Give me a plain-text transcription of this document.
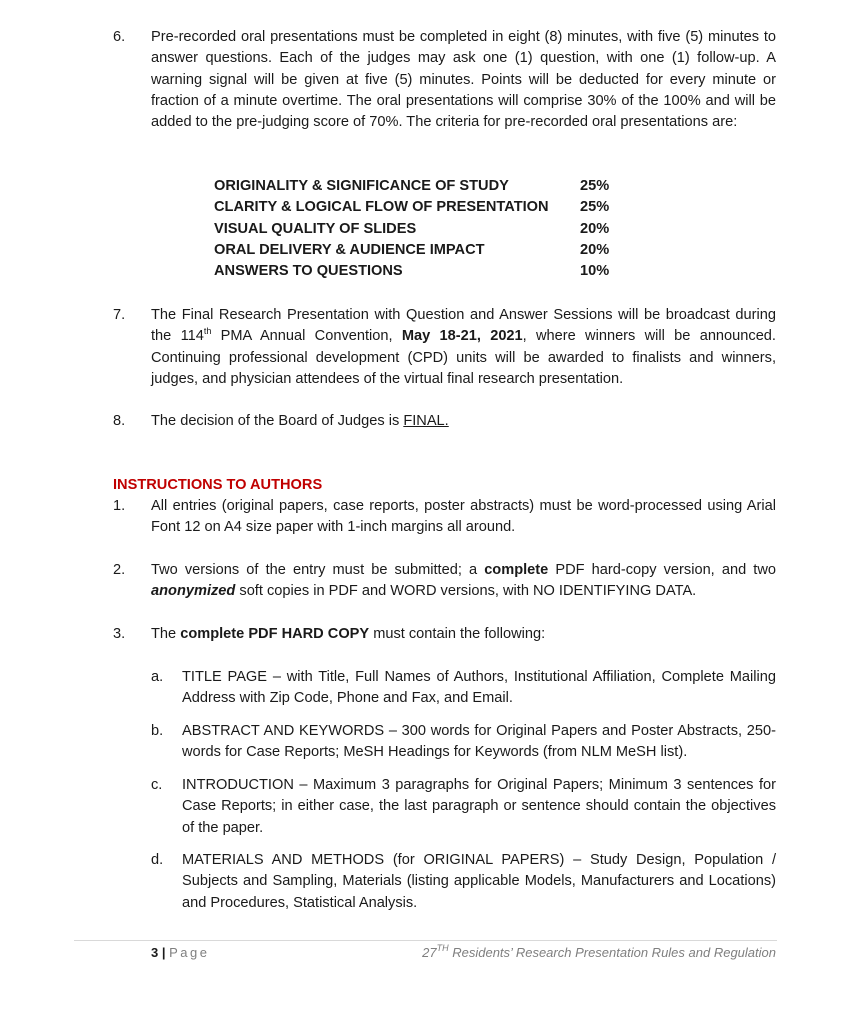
6. Pre-recorded oral presentations must be completed in eight (8) minutes, with five (5) minutes to answer questions. Each of the judges may ask one (1) question, with one (1) follow-up. A warning signal will be given at five (5) minutes. Points will be deducted for every minute or fraction of a minute overtime. The oral presentations will comprise 30% of the 100% and will be added to the pre-judging score of 70%. The criteria for pre-recorded oral presentations are:
ORIGINALITY & SIGNIFICANCE OF STUDY	25%
CLARITY & LOGICAL FLOW OF PRESENTATION 25%
VISUAL QUALITY OF SLIDES	20%
ORAL DELIVERY & AUDIENCE IMPACT	20%
ANSWERS TO QUESTIONS	10%
7. The Final Research Presentation with Question and Answer Sessions will be broadcast during the 114th PMA Annual Convention, May 18-21, 2021, where winners will be announced. Continuing professional development (CPD) units will be awarded to finalists and winners, judges, and physician attendees of the virtual final research presentation.
8. The decision of the Board of Judges is FINAL.
INSTRUCTIONS TO AUTHORS
1. All entries (original papers, case reports, poster abstracts) must be word-processed using Arial Font 12 on A4 size paper with 1-inch margins all around.
2. Two versions of the entry must be submitted; a complete PDF hard-copy version, and two anonymized soft copies in PDF and WORD versions, with NO IDENTIFYING DATA.
3. The complete PDF HARD COPY must contain the following:
a. TITLE PAGE – with Title, Full Names of Authors, Institutional Affiliation, Complete Mailing Address with Zip Code, Phone and Fax, and Email.
b. ABSTRACT AND KEYWORDS – 300 words for Original Papers and Poster Abstracts, 250-words for Case Reports; MeSH Headings for Keywords (from NLM MeSH list).
c. INTRODUCTION – Maximum 3 paragraphs for Original Papers; Minimum 3 sentences for Case Reports; in either case, the last paragraph or sentence should contain the objectives of the paper.
d. MATERIALS AND METHODS (for ORIGINAL PAPERS) – Study Design, Population / Subjects and Sampling, Materials (listing applicable Models, Manufacturers and Locations) and Procedures, Statistical Analysis.
3 | Page	27TH Residents’ Research Presentation Rules and Regulation
